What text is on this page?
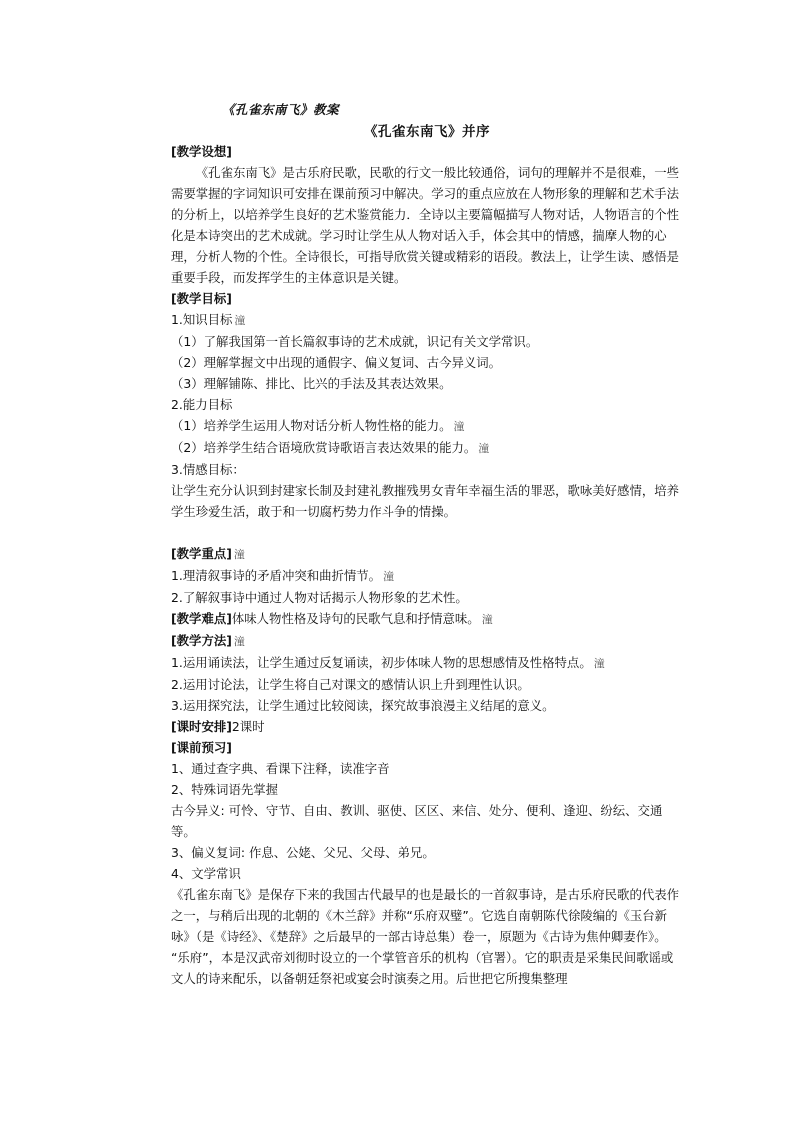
《孔雀东南飞》教案
《孔雀东南飞》并序

[教学设想]

《孔雀东南飞》是古乐府民歌，民歌的行文一般比较通俗，词句的理解并不是很难，一些需要掌握的字词知识可安排在课前预习中解决。学习的重点应放在人物形象的理解和艺术手法的分析上，以培养学生良好的艺术鉴赏能力．全诗以主要篇幅描写人物对话，人物语言的个性化是本诗突出的艺术成就。学习时让学生从人物对话入手，体会其中的情感，揣摩人物的心理，分析人物的个性。全诗很长，可指导欣赏关键或精彩的语段。教法上，让学生读、感悟是重要手段，而发挥学生的主体意识是关键。

[教学目标]

1.知识目标 潼

（1）了解我国第一首长篇叙事诗的艺术成就，识记有关文学常识。

（2）理解掌握文中出现的通假字、偏义复词、古今异义词。

（3）理解铺陈、排比、比兴的手法及其表达效果。

2.能力目标

（1）培养学生运用人物对话分析人物性格的能力。 潼

（2）培养学生结合语境欣赏诗歌语言表达效果的能力。 潼

3.情感目标：

让学生充分认识到封建家长制及封建礼教摧残男女青年幸福生活的罪恶，歌咏美好感情，培养学生珍爱生活，敢于和一切腐朽势力作斗争的情操。

[教学重点] 潼

1.理清叙事诗的矛盾冲突和曲折情节。 潼

2.了解叙事诗中通过人物对话揭示人物形象的艺术性。

[教学难点]体味人物性格及诗句的民歌气息和抒情意味。 潼

[教学方法] 潼

1.运用诵读法，让学生通过反复诵读，初步体味人物的思想感情及性格特点。 潼

2.运用讨论法，让学生将自己对课文的感情认识上升到理性认识。

3.运用探究法，让学生通过比较阅读，探究故事浪漫主义结尾的意义。

[课时安排]2课时

[课前预习]

1、通过查字典、看课下注释，读准字音

2、特殊词语先掌握

古今异义: 可怜、守节、自由、教训、驱使、区区、来信、处分、便利、逢迎、纷纭、交通等。

3、偏义复词: 作息、公姥、父兄、父母、弟兄。

4、文学常识

《孔雀东南飞》是保存下来的我国古代最早的也是最长的一首叙事诗，是古乐府民歌的代表作之一，与稍后出现的北朝的《木兰辞》并称“乐府双璧”。它选自南朝陈代徐陵编的《玉台新咏》（是《诗经》、《楚辞》之后最早的一部古诗总集）卷一，原题为《古诗为焦仲卿妻作》。

“乐府”，本是汉武帝刘彻时设立的一个掌管音乐的机构（官署）。它的职责是采集民间歌谣或文人的诗来配乐，以备朝廷祭祀或宴会时演奏之用。后世把它所搜集整理
